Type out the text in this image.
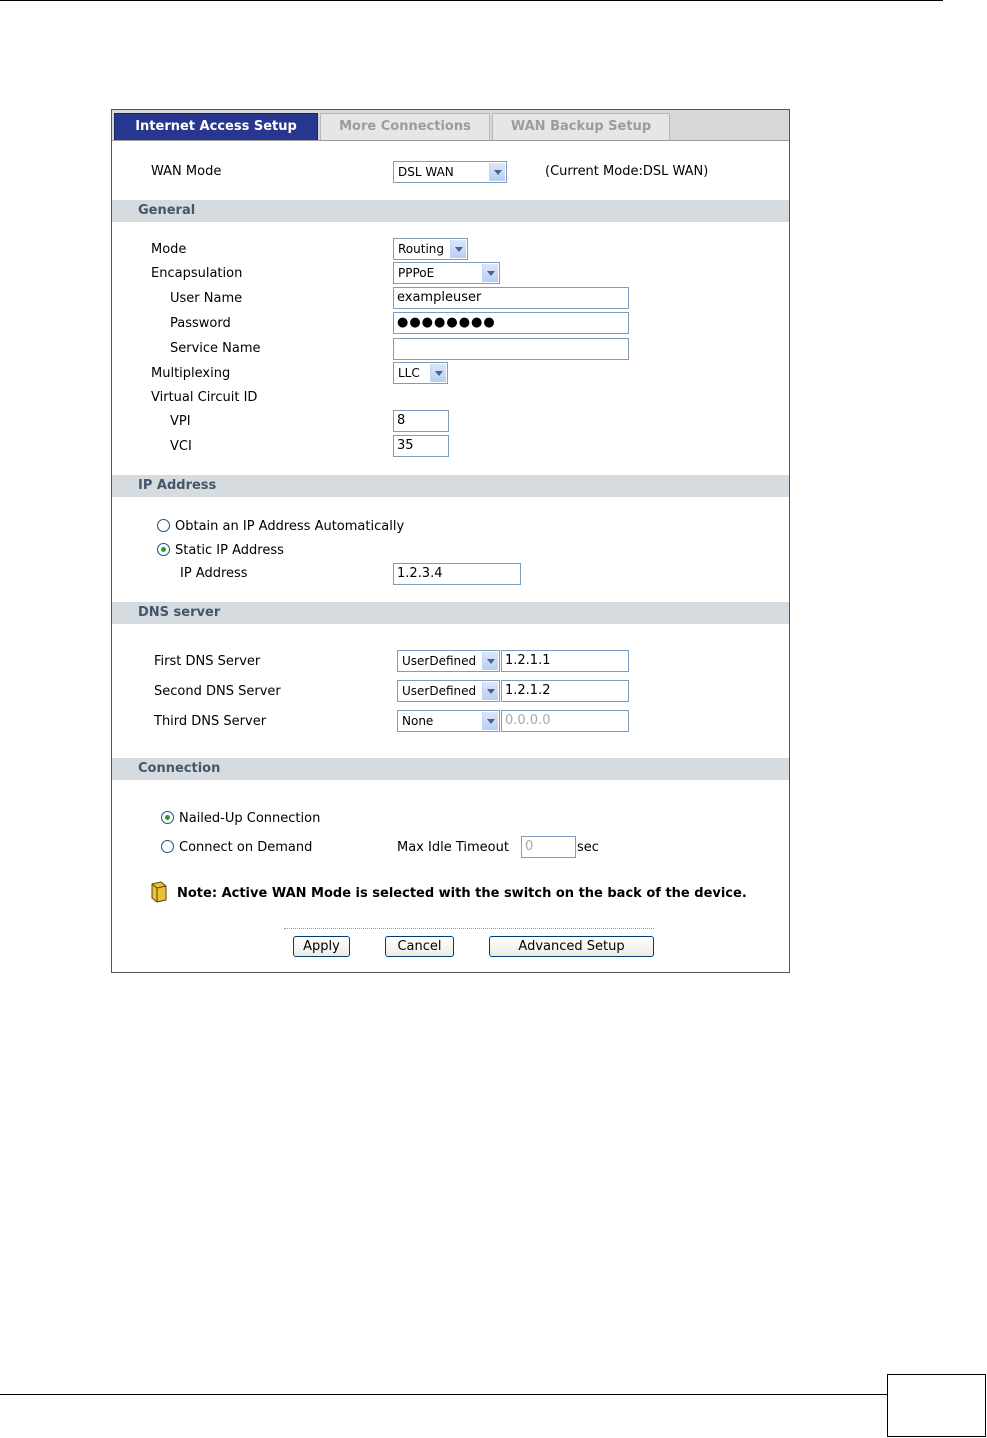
Internet Access Setup	More Connections	WAN Backup Setup
WAN Mode	DSL WAN	(Current Mode:DSL WAN)
General
Mode	Routing
Encapsulation	PPPoE
User Name	exampleuser
Password	●●●●●●●●
Service Name
Multiplexing	LLC
Virtual Circuit ID
VPI	8
VCI	35
IP Address
Obtain an IP Address Automatically
Static IP Address
IP Address	1.2.3.4
DNS server
First DNS Server	UserDefined	1.2.1.1
Second DNS Server	UserDefined	1.2.1.2
Third DNS Server	None	0.0.0.0
Connection
Nailed-Up Connection
Connect on Demand	Max Idle Timeout	0	sec
Note: Active WAN Mode is selected with the switch on the back of the device.
Apply	Cancel	Advanced Setup
